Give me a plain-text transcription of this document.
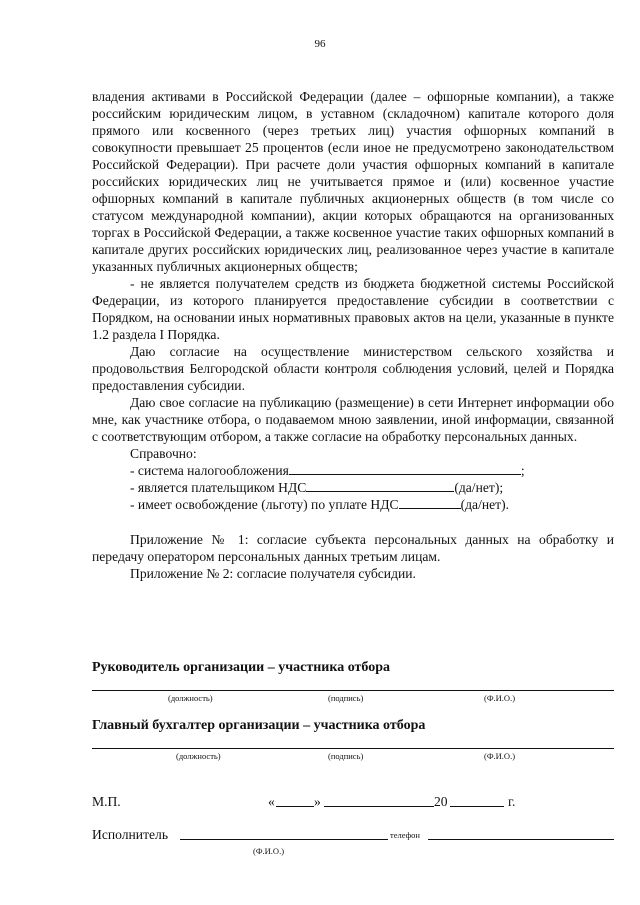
96

владения активами в Российской Федерации (далее – офшорные компании), а также российским юридическим лицом, в уставном (складочном) капитале которого доля прямого или косвенного (через третьих лиц) участия офшорных компаний в совокупности превышает 25 процентов (если иное не предусмотрено законодательством Российской Федерации). При расчете доли участия офшорных компаний в капитале российских юридических лиц не учитывается прямое и (или) косвенное участие офшорных компаний в капитале публичных акционерных обществ (в том числе со статусом международной компании), акции которых обращаются на организованных торгах в Российской Федерации, а также косвенное участие таких офшорных компаний в капитале других российских юридических лиц, реализованное через участие в капитале указанных публичных акционерных обществ;

- не является получателем средств из бюджета бюджетной системы Российской Федерации, из которого планируется предоставление субсидии в соответствии с Порядком, на основании иных нормативных правовых актов на цели, указанные в пункте 1.2 раздела I Порядка.

Даю согласие на осуществление министерством сельского хозяйства и продовольствия Белгородской области контроля соблюдения условий, целей и Порядка предоставления субсидии.

Даю свое согласие на публикацию (размещение) в сети Интернет информации обо мне, как участнике отбора, о подаваемом мною заявлении, иной информации, связанной с соответствующим отбором, а также согласие на обработку персональных данных.

Справочно:

- система налогообложения	;

- является плательщиком НДС	(да/нет);

- имеет освобождение (льготу) по уплате НДС	(да/нет).

Приложение № 1: согласие субъекта персональных данных на обработку и передачу оператором персональных данных третьим лицам.

Приложение № 2: согласие получателя субсидии.

Руководитель организации – участника отбора
(должность)	(подпись)	(Ф.И.О.)
Главный бухгалтер организации – участника отбора
(должность)	(подпись)	(Ф.И.О.)
М.П.	«	»	20	г.
Исполнитель	телефон
(Ф.И.О.)
